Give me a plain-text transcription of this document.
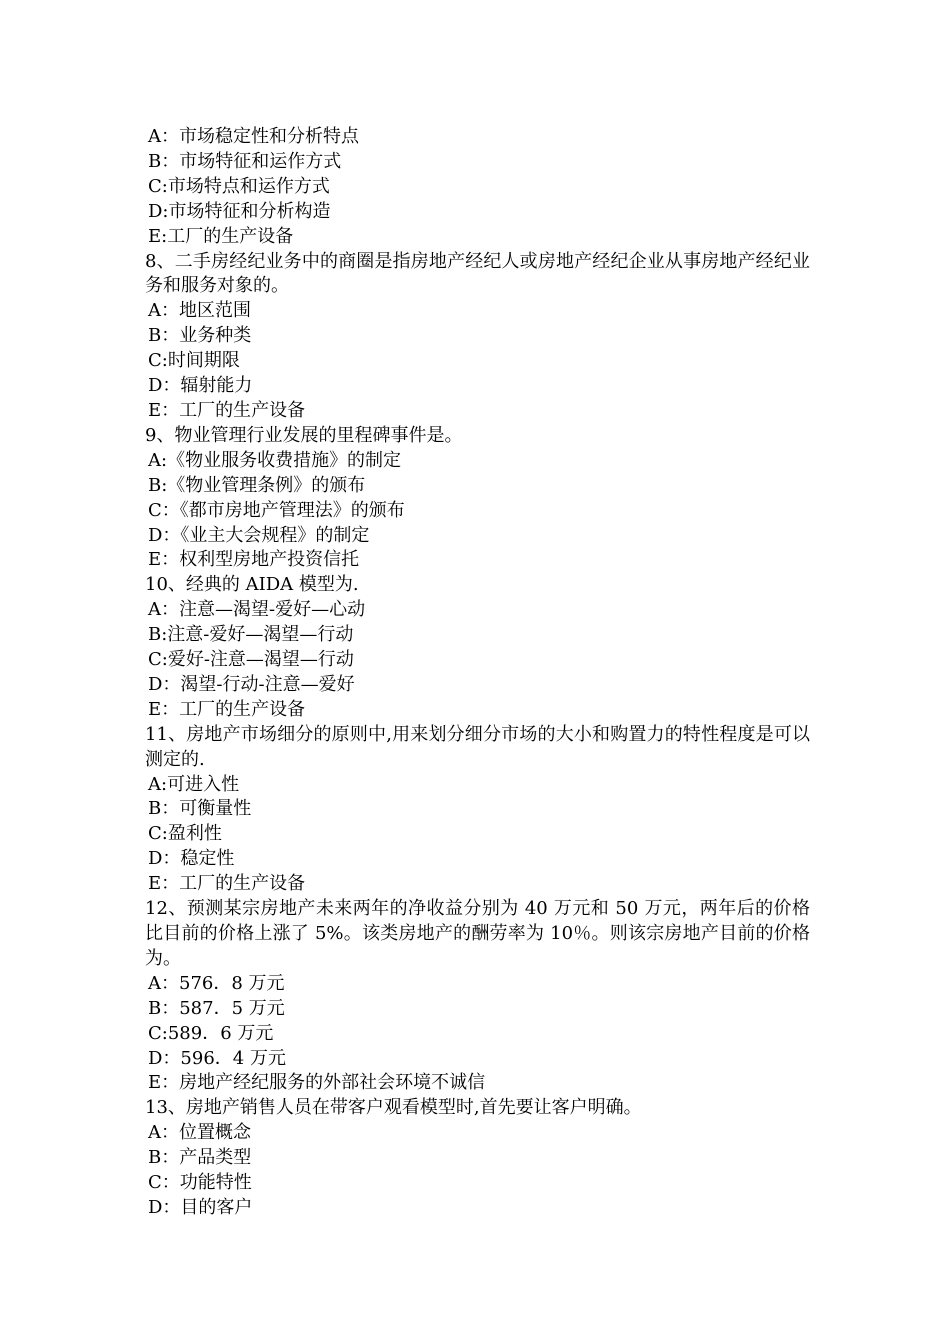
A：市场稳定性和分析特点

B：市场特征和运作方式

C:市场特点和运作方式

D:市场特征和分析构造

E:工厂的生产设备

8、二手房经纪业务中的商圈是指房地产经纪人或房地产经纪企业从事房地产经纪业务和服务对象的。

A：地区范围

B：业务种类

C:时间期限

D：辐射能力

E：工厂的生产设备

9、物业管理行业发展的里程碑事件是。

A:《物业服务收费措施》的制定

B:《物业管理条例》的颁布

C：《都市房地产管理法》的颁布

D：《业主大会规程》的制定

E：权利型房地产投资信托

10、经典的 AIDA 模型为.

A：注意—渴望-爱好—心动

B:注意-爱好—渴望—行动

C:爱好-注意—渴望—行动

D：渴望-行动-注意—爱好

E：工厂的生产设备

11、房地产市场细分的原则中,用来划分细分市场的大小和购置力的特性程度是可以测定的.

A:可进入性

B：可衡量性

C:盈利性

D：稳定性

E：工厂的生产设备

12、预测某宗房地产未来两年的净收益分别为 40 万元和 50 万元，两年后的价格比目前的价格上涨了 5%。该类房地产的酬劳率为 10％。则该宗房地产目前的价格为。

A：576．8 万元

B：587．5 万元

C:589．6 万元

D：596．4 万元

E：房地产经纪服务的外部社会环境不诚信

13、房地产销售人员在带客户观看模型时,首先要让客户明确。

A：位置概念

B：产品类型

C：功能特性

D：目的客户
